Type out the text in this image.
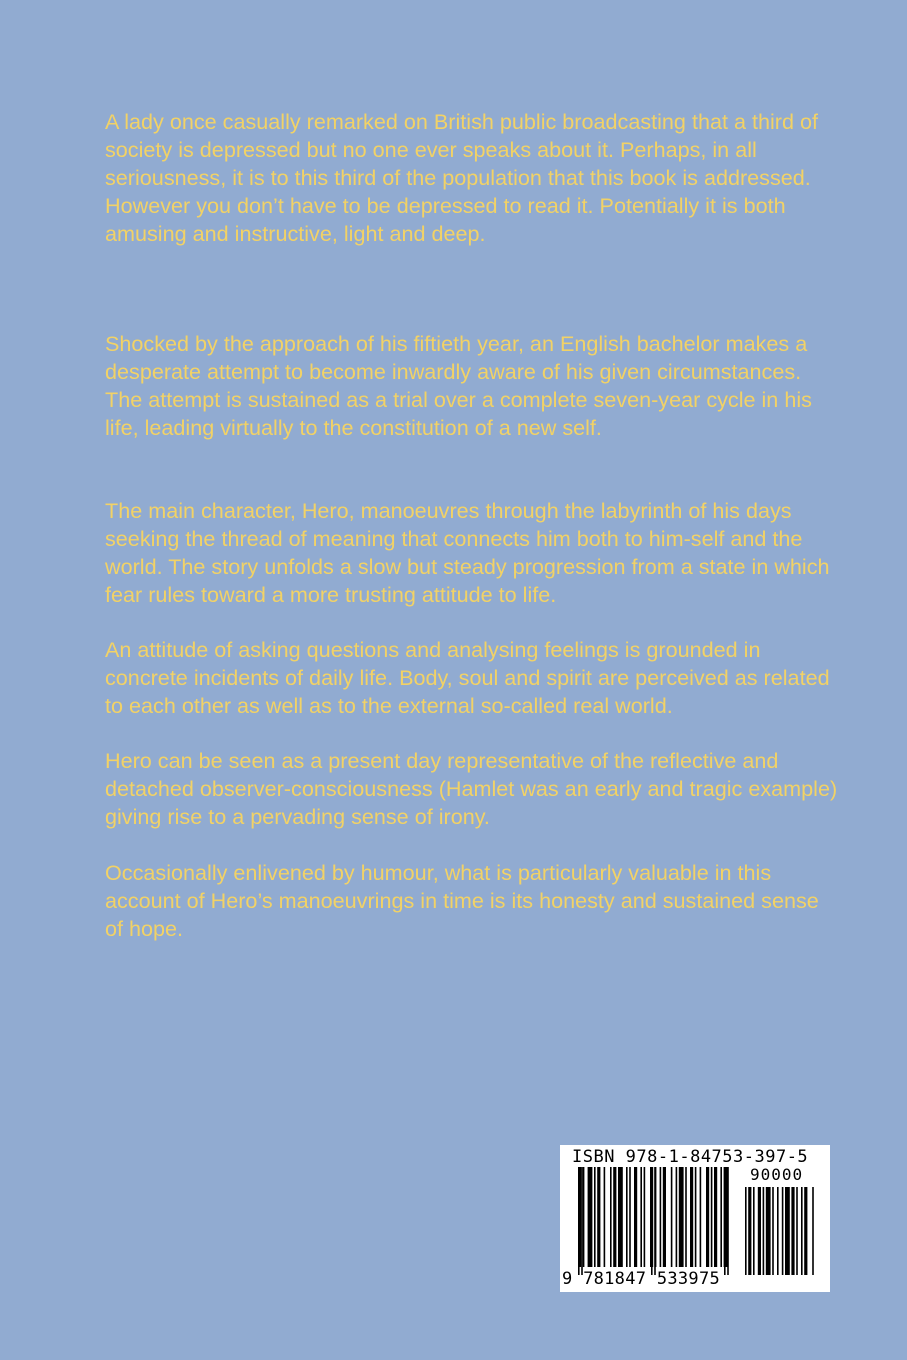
A lady once casually remarked on British public broadcasting that a third of society is depressed but no one ever speaks about it. Perhaps, in all seriousness, it is to this third of the population that this book is addressed. However you don’t have to be depressed to read it. Potentially it is both amusing and instructive, light and deep.

Shocked by the approach of his fiftieth year, an English bachelor makes a desperate attempt to become inwardly aware of his given circumstances. The attempt is sustained as a trial over a complete seven-year cycle in his life, leading virtually to the constitution of a new self.

The main character, Hero, manoeuvres through the labyrinth of his days seeking the thread of meaning that connects him both to him-self and the world. The story unfolds a slow but steady progression from a state in which fear rules toward a more trusting attitude to life.

An attitude of asking questions and analysing feelings is grounded in concrete incidents of daily life. Body, soul and spirit are perceived as related to each other as well as to the external so-called real world.

Hero can be seen as a present day representative of the reflective and detached observer-consciousness (Hamlet was an early and tragic example) giving rise to a pervading sense of irony.

Occasionally enlivened by humour, what is particularly valuable in this account of Hero’s manoeuvrings in time is its honesty and sustained sense of hope.

ISBN 978-1-84753-397-5
90000
9 781847 533975
